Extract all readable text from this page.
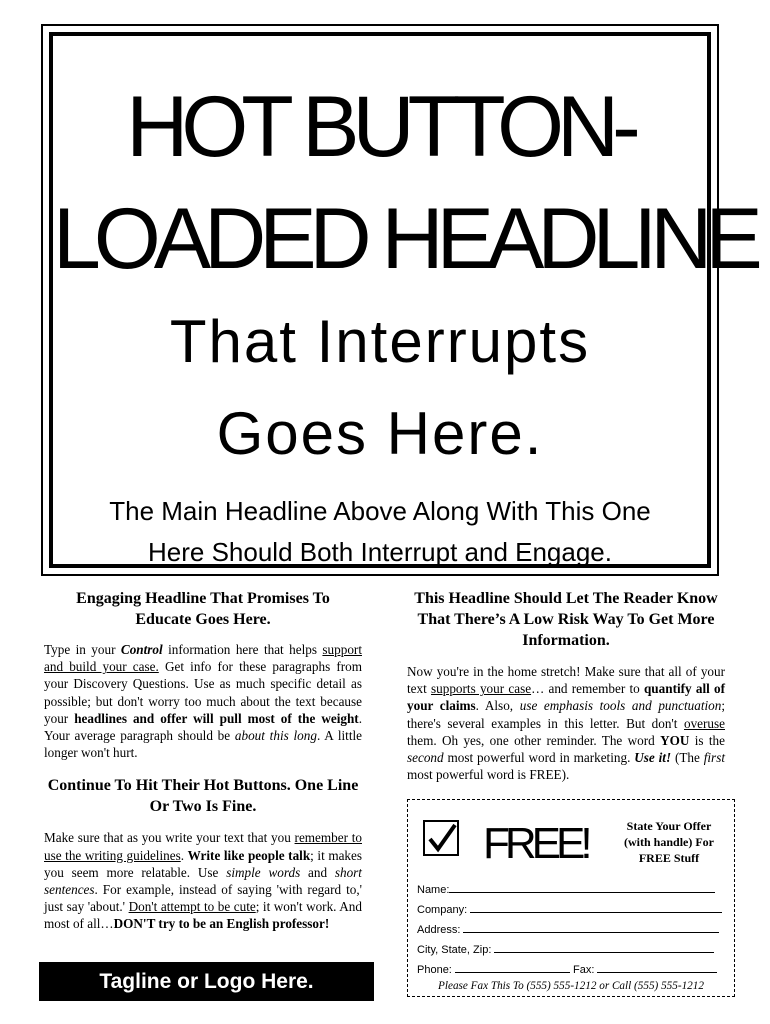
HOT BUTTON-
LOADED HEADLINE
That Interrupts
Goes Here.
The Main Headline Above Along With This One
Here Should Both Interrupt and Engage.
Engaging Headline That Promises To Educate Goes Here.

Type in your Control information here that helps support and build your case. Get info for these paragraphs from your Discovery Questions. Use as much specific detail as possible; but don't worry too much about the text because your headlines and offer will pull most of the weight. Your average paragraph should be about this long. A little longer won't hurt.

Continue To Hit Their Hot Buttons. One Line Or Two Is Fine.

Make sure that as you write your text that you remember to use the writing guidelines. Write like people talk; it makes you seem more relatable. Use simple words and short sentences. For example, instead of saying 'with regard to,' just say 'about.' Don't attempt to be cute; it won't work. And most of all…DON'T try to be an English professor!

Tagline or Logo Here.
This Headline Should Let The Reader Know That There’s A Low Risk Way To Get More Information.

Now you're in the home stretch! Make sure that all of your text supports your case… and remember to quantify all of your claims. Also, use emphasis tools and punctuation; there's several examples in this letter. But don't overuse them. Oh yes, one other reminder. The word YOU is the second most powerful word in marketing. Use it! (The first most powerful word is FREE).

FREE!	State Your Offer (with handle) For FREE Stuff
Name:
Company:
Address:
City, State, Zip:
Phone:	Fax:
Please Fax This To (555) 555-1212 or Call (555) 555-1212
